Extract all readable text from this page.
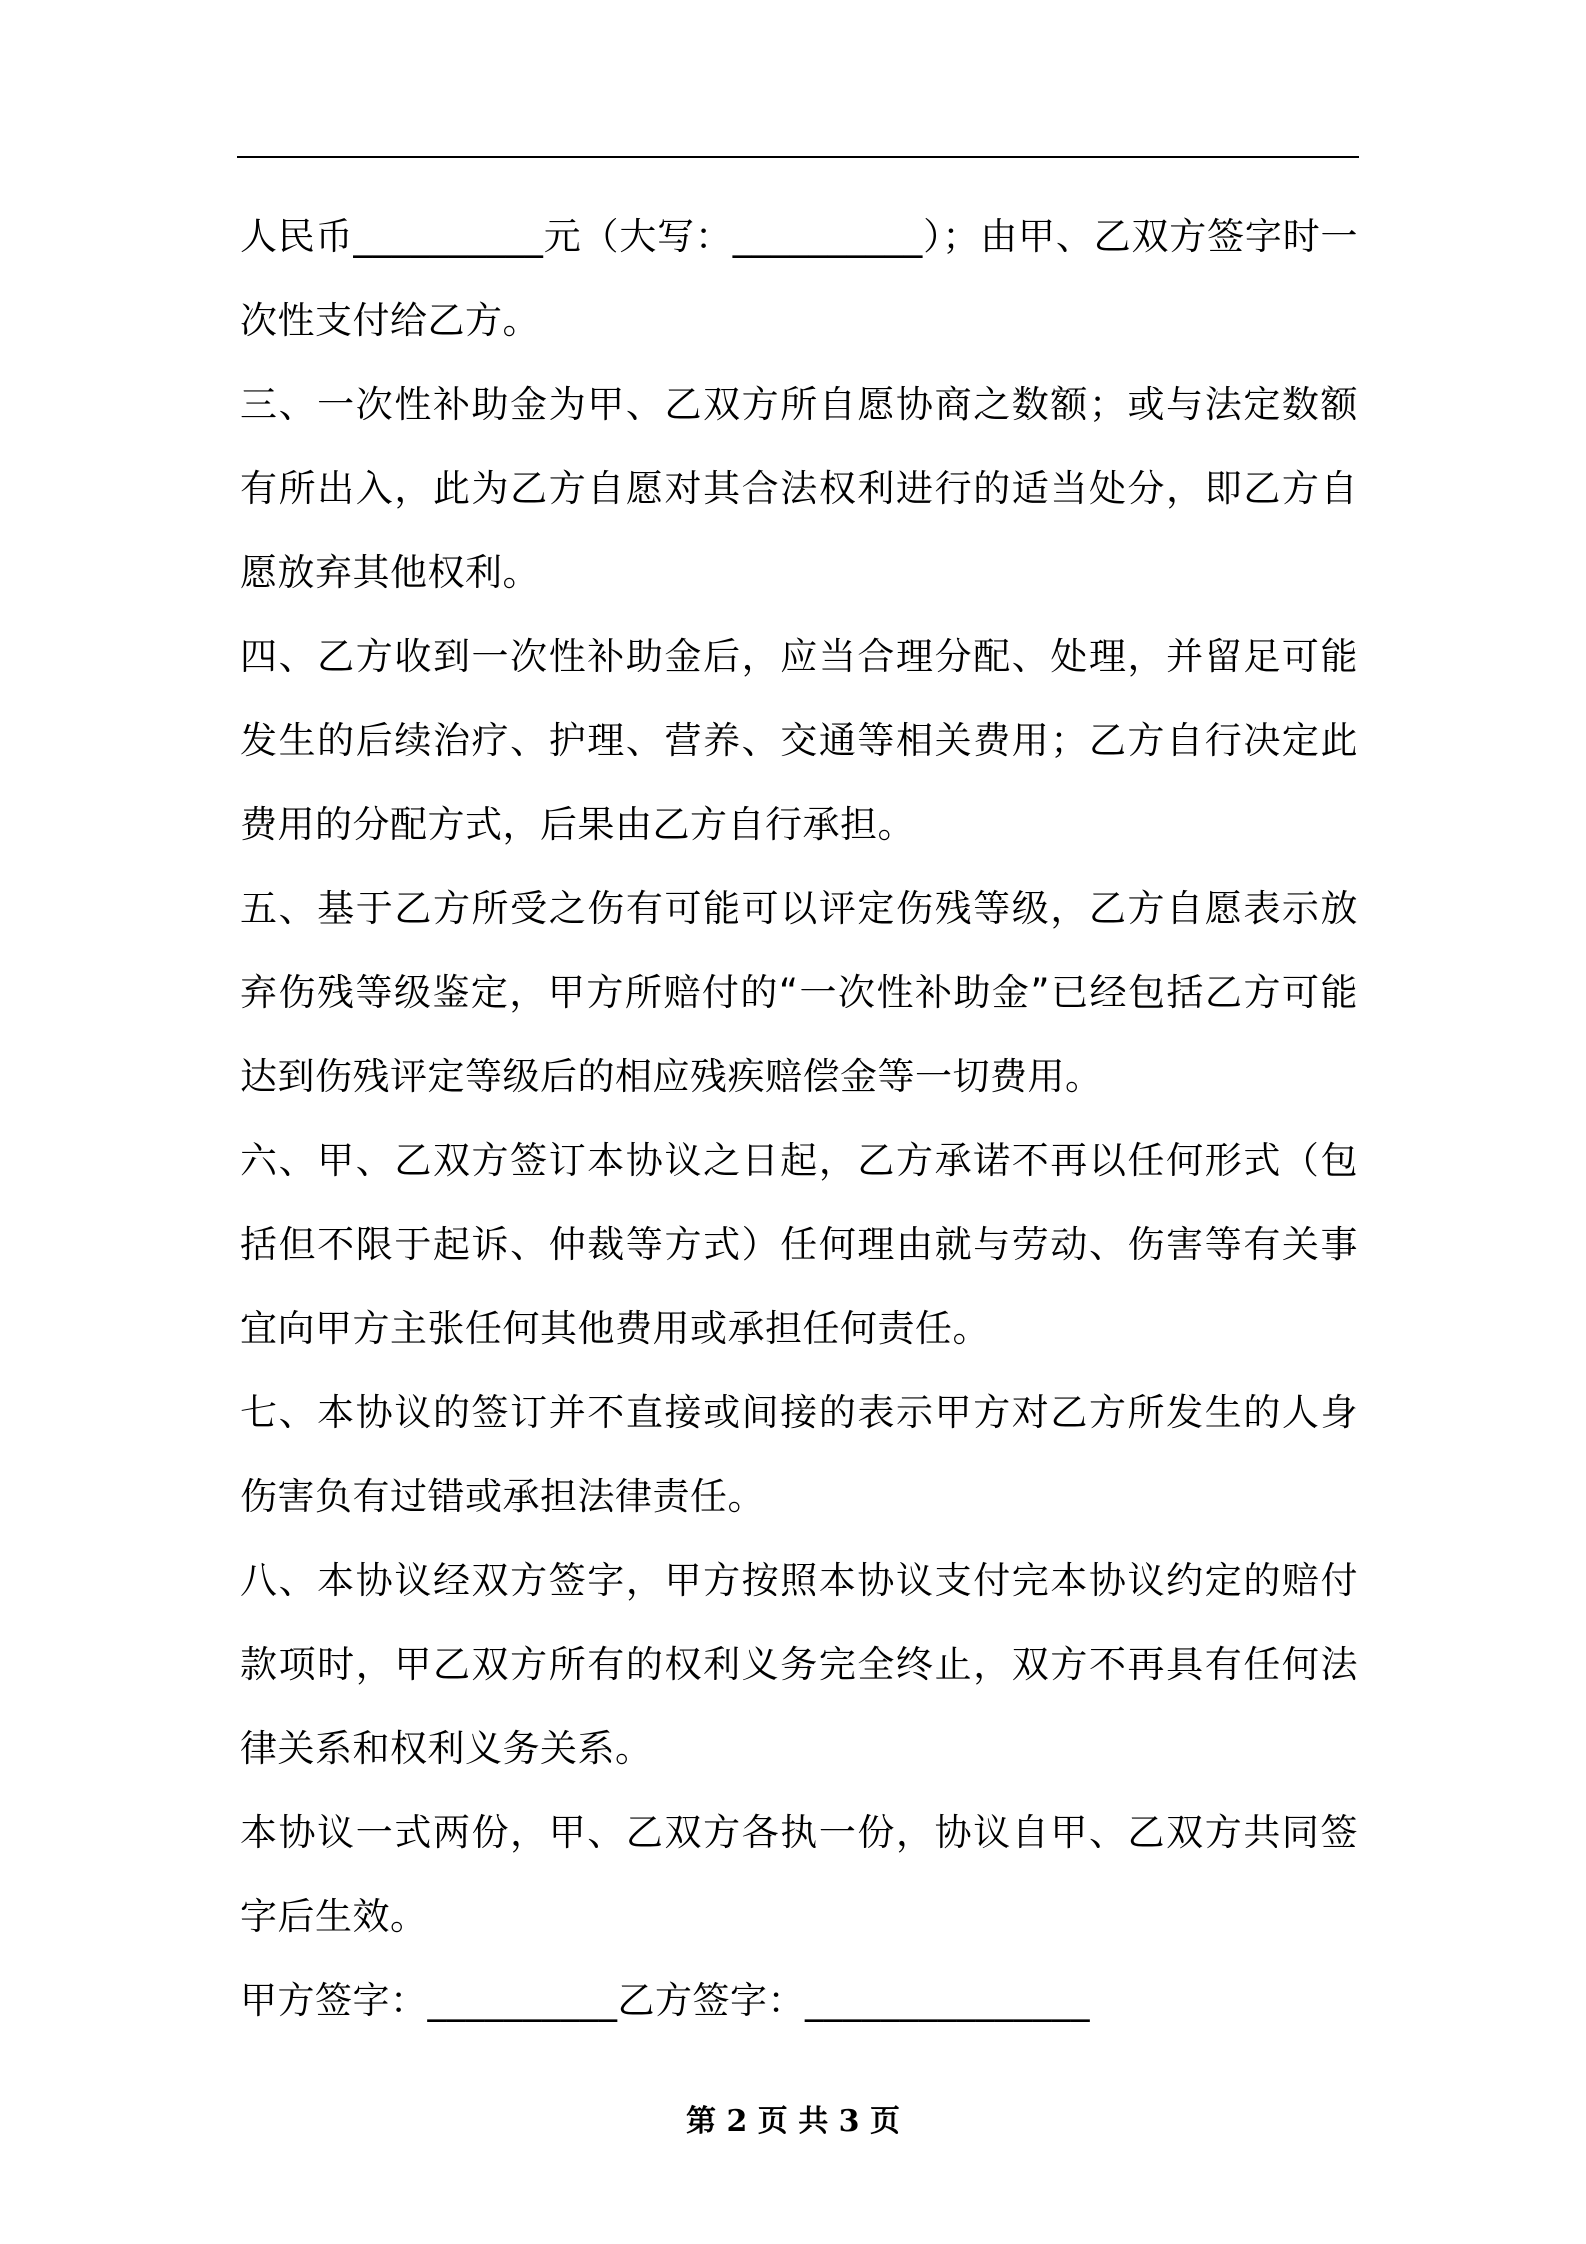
人民币__________元（大写：__________）；由甲、乙双方签字时一次性支付给乙方。

三、一次性补助金为甲、乙双方所自愿协商之数额；或与法定数额有所出入，此为乙方自愿对其合法权利进行的适当处分，即乙方自愿放弃其他权利。

四、乙方收到一次性补助金后，应当合理分配、处理，并留足可能发生的后续治疗、护理、营养、交通等相关费用；乙方自行决定此费用的分配方式，后果由乙方自行承担。

五、基于乙方所受之伤有可能可以评定伤残等级，乙方自愿表示放弃伤残等级鉴定，甲方所赔付的“一次性补助金”已经包括乙方可能达到伤残评定等级后的相应残疾赔偿金等一切费用。

六、甲、乙双方签订本协议之日起，乙方承诺不再以任何形式（包括但不限于起诉、仲裁等方式）任何理由就与劳动、伤害等有关事宜向甲方主张任何其他费用或承担任何责任。

七、本协议的签订并不直接或间接的表示甲方对乙方所发生的人身伤害负有过错或承担法律责任。

八、本协议经双方签字，甲方按照本协议支付完本协议约定的赔付款项时，甲乙双方所有的权利义务完全终止，双方不再具有任何法律关系和权利义务关系。

本协议一式两份，甲、乙双方各执一份，协议自甲、乙双方共同签字后生效。

甲方签字：__________乙方签字：_______________

第 2 页 共 3 页
